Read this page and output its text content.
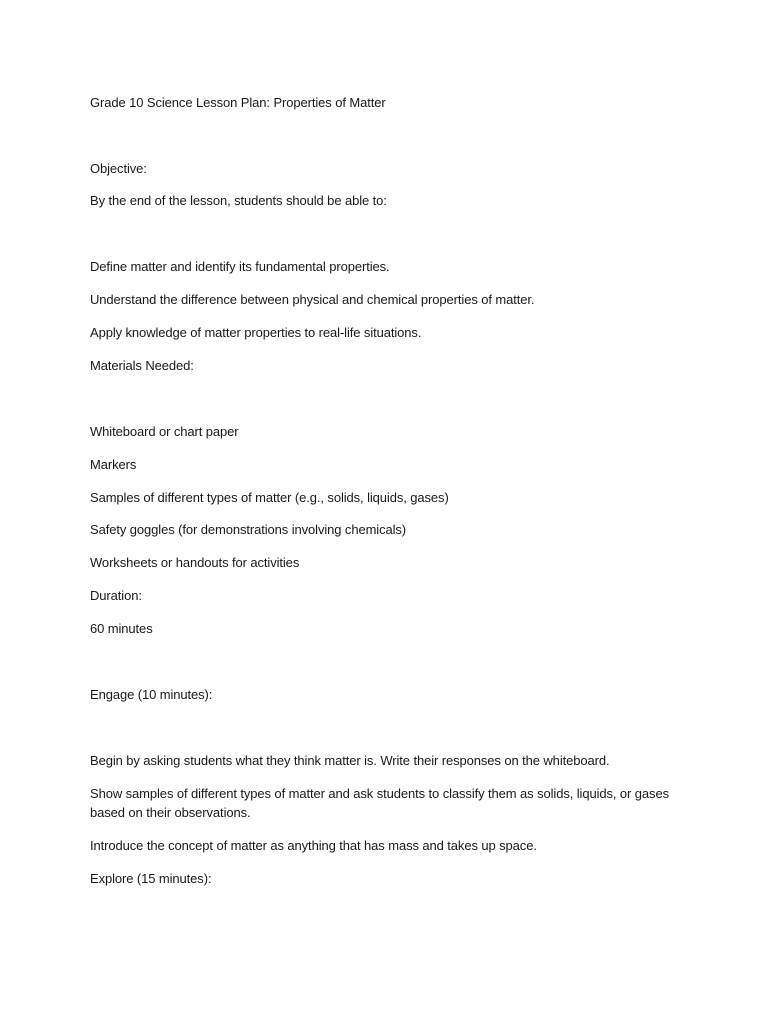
Grade 10 Science Lesson Plan: Properties of Matter
Objective:
By the end of the lesson, students should be able to:
Define matter and identify its fundamental properties.
Understand the difference between physical and chemical properties of matter.
Apply knowledge of matter properties to real-life situations.
Materials Needed:
Whiteboard or chart paper
Markers
Samples of different types of matter (e.g., solids, liquids, gases)
Safety goggles (for demonstrations involving chemicals)
Worksheets or handouts for activities
Duration:
60 minutes
Engage (10 minutes):
Begin by asking students what they think matter is. Write their responses on the whiteboard.
Show samples of different types of matter and ask students to classify them as solids, liquids, or gases based on their observations.
Introduce the concept of matter as anything that has mass and takes up space.
Explore (15 minutes):
